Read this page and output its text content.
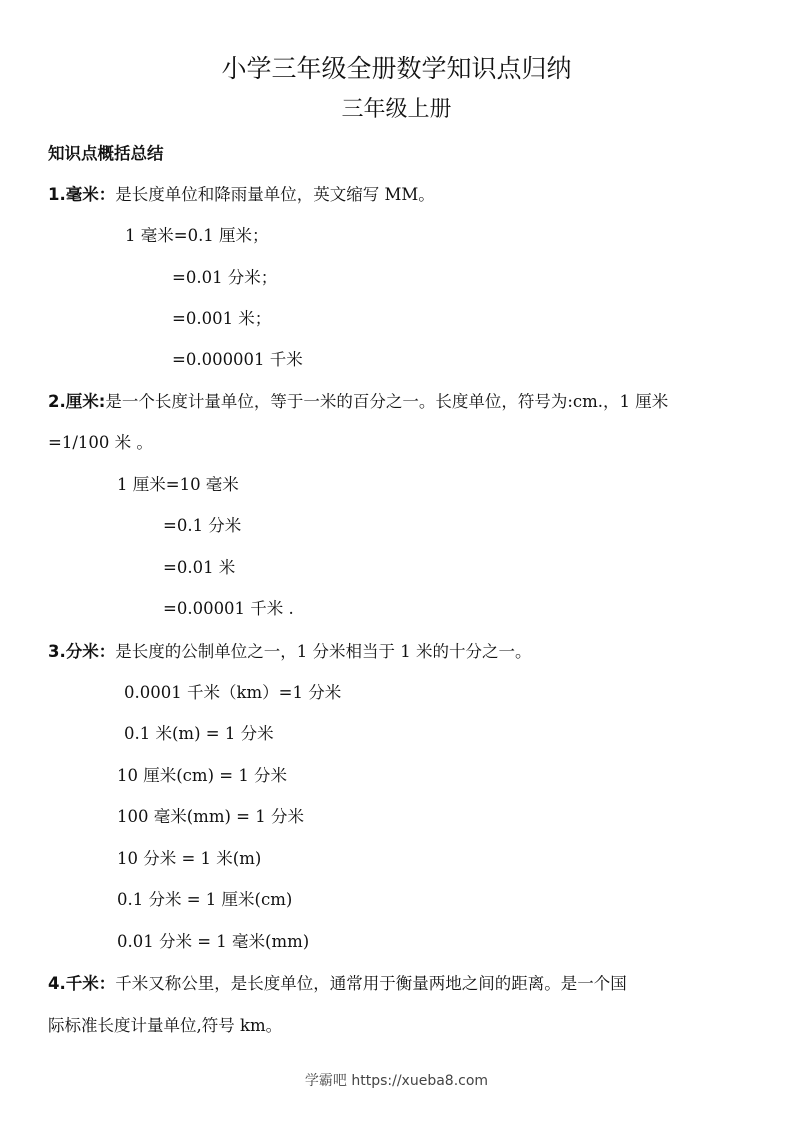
小学三年级全册数学知识点归纳
三年级上册
知识点概括总结
1.毫米：是长度单位和降雨量单位，英文缩写 MM。
1 毫米=0.1 厘米；
=0.01 分米；
=0.001 米；
=0.000001 千米
2.厘米:是一个长度计量单位，等于一米的百分之一。长度单位，符号为:cm.，1 厘米
=1/100 米 。
1 厘米=10 毫米
=0.1 分米
=0.01 米
=0.00001 千米 .
3.分米：是长度的公制单位之一，1 分米相当于 1 米的十分之一。
0.0001 千米（km）=1 分米
0.1 米(m) = 1 分米
10 厘米(cm) = 1 分米
100 毫米(mm) = 1 分米
10 分米 = 1 米(m)
0.1 分米 = 1 厘米(cm)
0.01 分米 = 1 毫米(mm)
4.千米：千米又称公里，是长度单位，通常用于衡量两地之间的距离。是一个国
际标准长度计量单位,符号 km。
学霸吧 https://xueba8.com
